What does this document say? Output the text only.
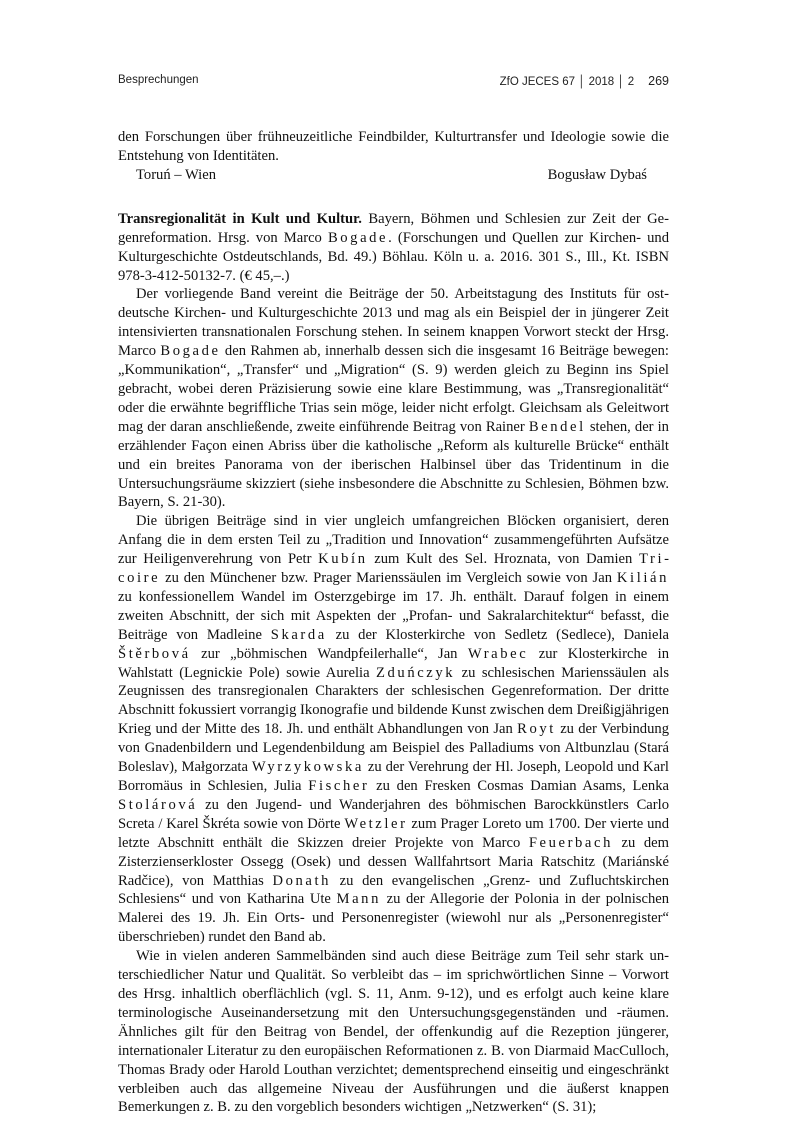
Besprechungen	ZfO JECES 67 │ 2018 │ 2 269

den Forschungen über frühneuzeitliche Feindbilder, Kulturtransfer und Ideologie sowie die Entstehung von Identitäten.

Toruń – Wien	Bogusław Dybaś

Transregionalität in Kult und Kultur. Bayern, Böhmen und Schlesien zur Zeit der Gegenreformation. Hrsg. von Marco Bogade. (Forschungen und Quellen zur Kirchen- und Kulturgeschichte Ostdeutschlands, Bd. 49.) Böhlau. Köln u. a. 2016. 301 S., Ill., Kt. ISBN 978-3-412-50132-7. (€ 45,–.)

Der vorliegende Band vereint die Beiträge der 50. Arbeitstagung des Instituts für ostdeutsche Kirchen- und Kulturgeschichte 2013 und mag als ein Beispiel der in jüngerer Zeit intensivierten transnationalen Forschung stehen. In seinem knappen Vorwort steckt der Hrsg. Marco Bogade den Rahmen ab, innerhalb dessen sich die insgesamt 16 Beiträge bewegen: „Kommunikation“, „Transfer“ und „Migration“ (S. 9) werden gleich zu Beginn ins Spiel gebracht, wobei deren Präzisierung sowie eine klare Bestimmung, was „Transregionalität“ oder die erwähnte begriffliche Trias sein möge, leider nicht erfolgt. Gleichsam als Geleitwort mag der daran anschließende, zweite einführende Beitrag von Rainer Bendel stehen, der in erzählender Façon einen Abriss über die katholische „Reform als kulturelle Brücke“ enthält und ein breites Panorama von der iberischen Halbinsel über das Tridentinum in die Untersuchungsräume skizziert (siehe insbesondere die Abschnitte zu Schlesien, Böhmen bzw. Bayern, S. 21-30).

Die übrigen Beiträge sind in vier ungleich umfangreichen Blöcken organisiert, deren Anfang die in dem ersten Teil zu „Tradition und Innovation“ zusammengeführten Aufsätze zur Heiligenverehrung von Petr Kubín zum Kult des Sel. Hroznata, von Damien Tricoire zu den Münchener bzw. Prager Marienssäulen im Vergleich sowie von Jan Kilián zu konfessionellem Wandel im Osterzgebirge im 17. Jh. enthält. Darauf folgen in einem zweiten Abschnitt, der sich mit Aspekten der „Profan- und Sakralarchitektur“ befasst, die Beiträge von Madleine Skarda zu der Klosterkirche von Sedletz (Sedlece), Daniela Štěrbová zur „böhmischen Wandpfeilerhalle“, Jan Wrabec zur Klosterkirche in Wahlstatt (Legnickie Pole) sowie Aurelia Zduńczyk zu schlesischen Marienssäulen als Zeugnissen des transregionalen Charakters der schlesischen Gegenreformation. Der dritte Abschnitt fokussiert vorrangig Ikonografie und bildende Kunst zwischen dem Dreißigjährigen Krieg und der Mitte des 18. Jh. und enthält Abhandlungen von Jan Royt zu der Verbindung von Gnadenbildern und Legendenbildung am Beispiel des Palladiums von Altbunzlau (Stará Boleslav), Małgorzata Wyrzykowska zu der Verehrung der Hl. Joseph, Leopold und Karl Borromäus in Schlesien, Julia Fischer zu den Fresken Cosmas Damian Asams, Lenka Stolárová zu den Jugend- und Wanderjahren des böhmischen Barockkünstlers Carlo Screta / Karel Škréta sowie von Dörte Wetzler zum Prager Loreto um 1700. Der vierte und letzte Abschnitt enthält die Skizzen dreier Projekte von Marco Feuerbach zu dem Zisterzienserkloster Ossegg (Osek) und dessen Wallfahrtsort Maria Ratschitz (Mariánské Radčice), von Matthias Donath zu den evangelischen „Grenz- und Zufluchtskirchen Schlesiens“ und von Katharina Ute Mann zu der Allegorie der Polonia in der polnischen Malerei des 19. Jh. Ein Orts- und Personenregister (wiewohl nur als „Personenregister“ überschrieben) rundet den Band ab.

Wie in vielen anderen Sammelbänden sind auch diese Beiträge zum Teil sehr stark unterschiedlicher Natur und Qualität. So verbleibt das – im sprichwörtlichen Sinne – Vorwort des Hrsg. inhaltlich oberflächlich (vgl. S. 11, Anm. 9-12), und es erfolgt auch keine klare terminologische Auseinandersetzung mit den Untersuchungsgegenständen und -räumen. Ähnliches gilt für den Beitrag von Bendel, der offenkundig auf die Rezeption jüngerer, internationaler Literatur zu den europäischen Reformationen z. B. von Diarmaid MacCulloch, Thomas Brady oder Harold Louthan verzichtet; dementsprechend einseitig und eingeschränkt verbleiben auch das allgemeine Niveau der Ausführungen und die äußerst knappen Bemerkungen z. B. zu den vorgeblich besonders wichtigen „Netzwerken“ (S. 31);
